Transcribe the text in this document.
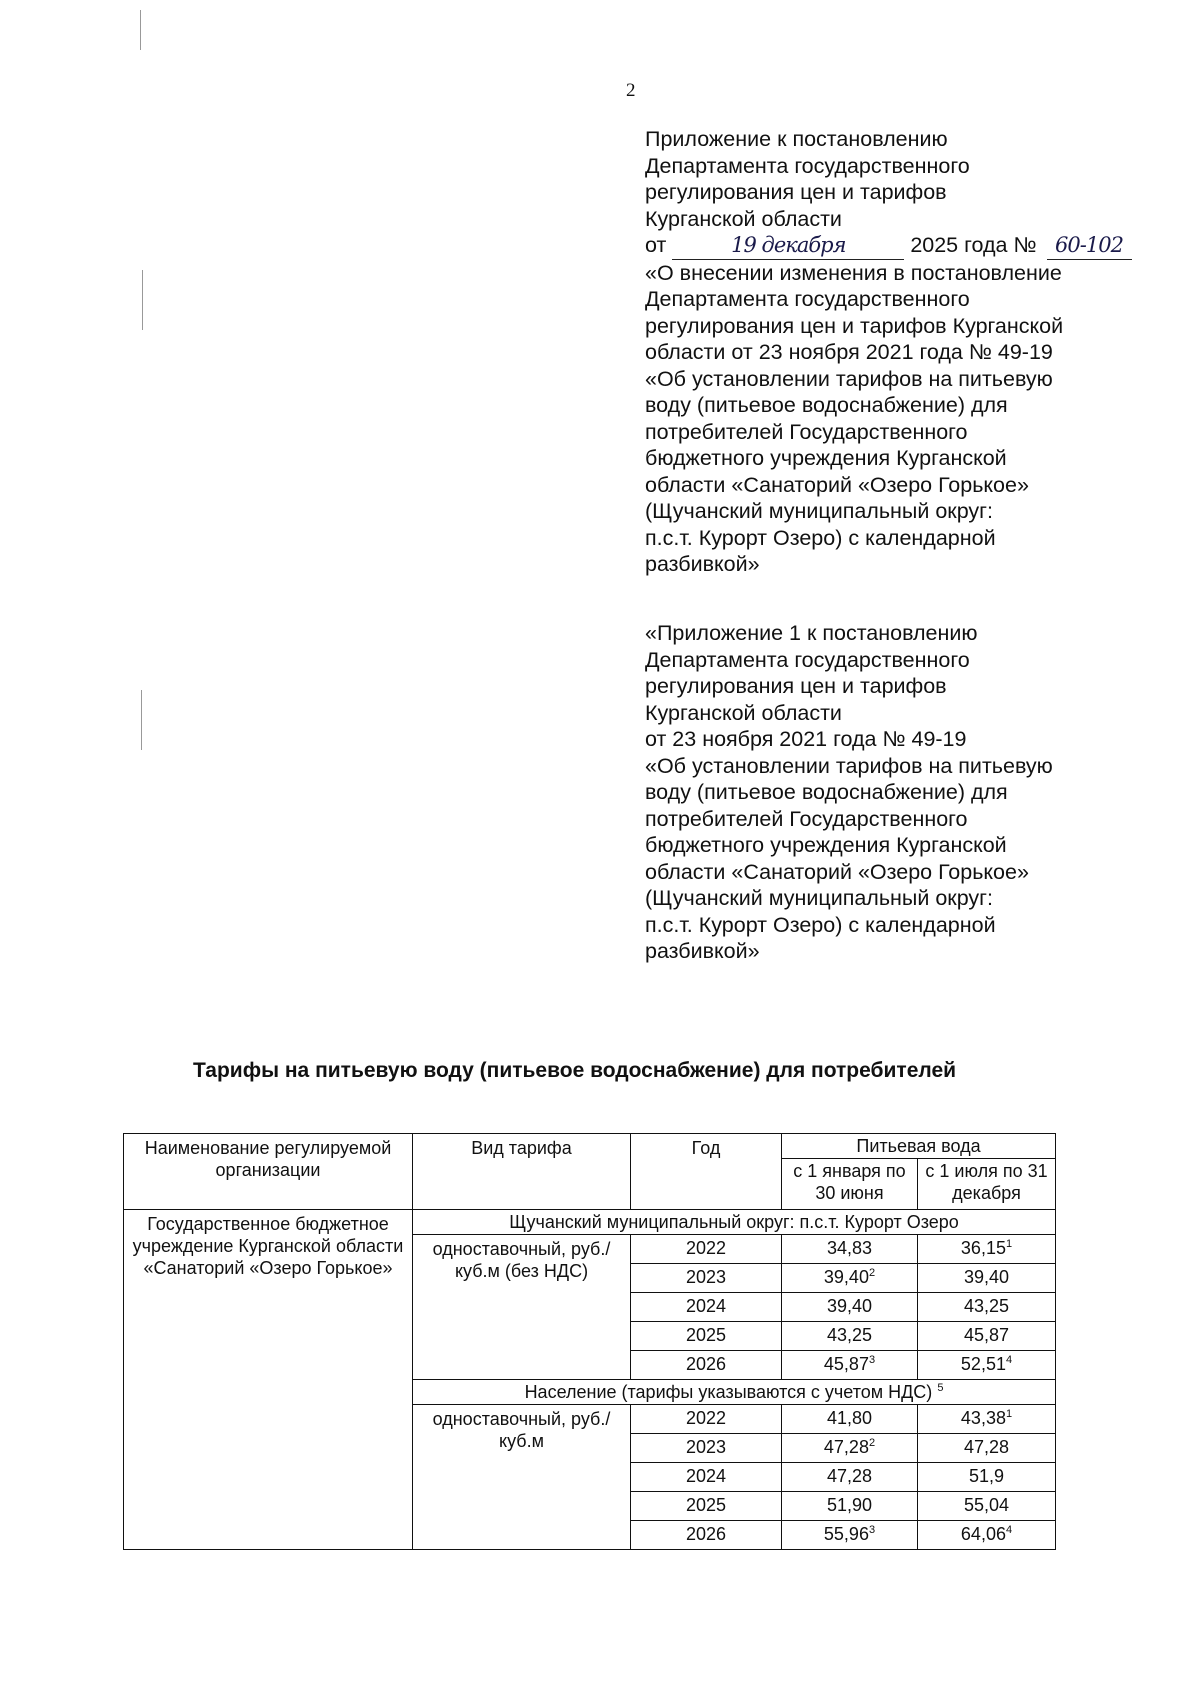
2
Приложение к постановлению
Департамента государственного
регулирования цен и тарифов
Курганской области
от	19 декабря	2025 года № 60-102
«О внесении изменения в постановление
Департамента государственного
регулирования цен и тарифов Курганской
области от 23 ноября 2021 года № 49-19
«Об установлении тарифов на питьевую
воду (питьевое водоснабжение) для
потребителей Государственного
бюджетного учреждения Курганской
области «Санаторий «Озеро Горькое»
(Щучанский муниципальный округ:
п.с.т. Курорт Озеро) с календарной
разбивкой»
«Приложение 1 к постановлению
Департамента государственного
регулирования цен и тарифов
Курганской области
от 23 ноября 2021 года № 49-19
«Об установлении тарифов на питьевую
воду (питьевое водоснабжение) для
потребителей Государственного
бюджетного учреждения Курганской
области «Санаторий «Озеро Горькое»
(Щучанский муниципальный округ:
п.с.т. Курорт Озеро) с календарной
разбивкой»
Тарифы на питьевую воду (питьевое водоснабжение) для потребителей
Наименование регулируемой организации	Вид тарифа	Год	Питьевая вода	
			с 1 января по 30 июня	с 1 июля по 31 декабря
Государственное бюджетное учреждение Курганской области «Санаторий «Озеро Горькое»	Щучанский муниципальный округ: п.с.т. Курорт Озеро			
	одноставочный, руб./куб.м (без НДС)	2022	34,83	36,15$^1$
		2023	39,40$^2$	39,40
		2024	39,40	43,25
		2025	43,25	45,87
		2026	45,87$^3$	52,51$^4$
	Население (тарифы указываются с учетом НДС) $^5$
	одноставочный, руб./куб.м	2022	41,80	43,38$^1$
		2023	47,28$^2$	47,28
		2024	47,28	51,9
		2025	51,90	55,04
		2026	55,96$^3$	64,06$^4$
